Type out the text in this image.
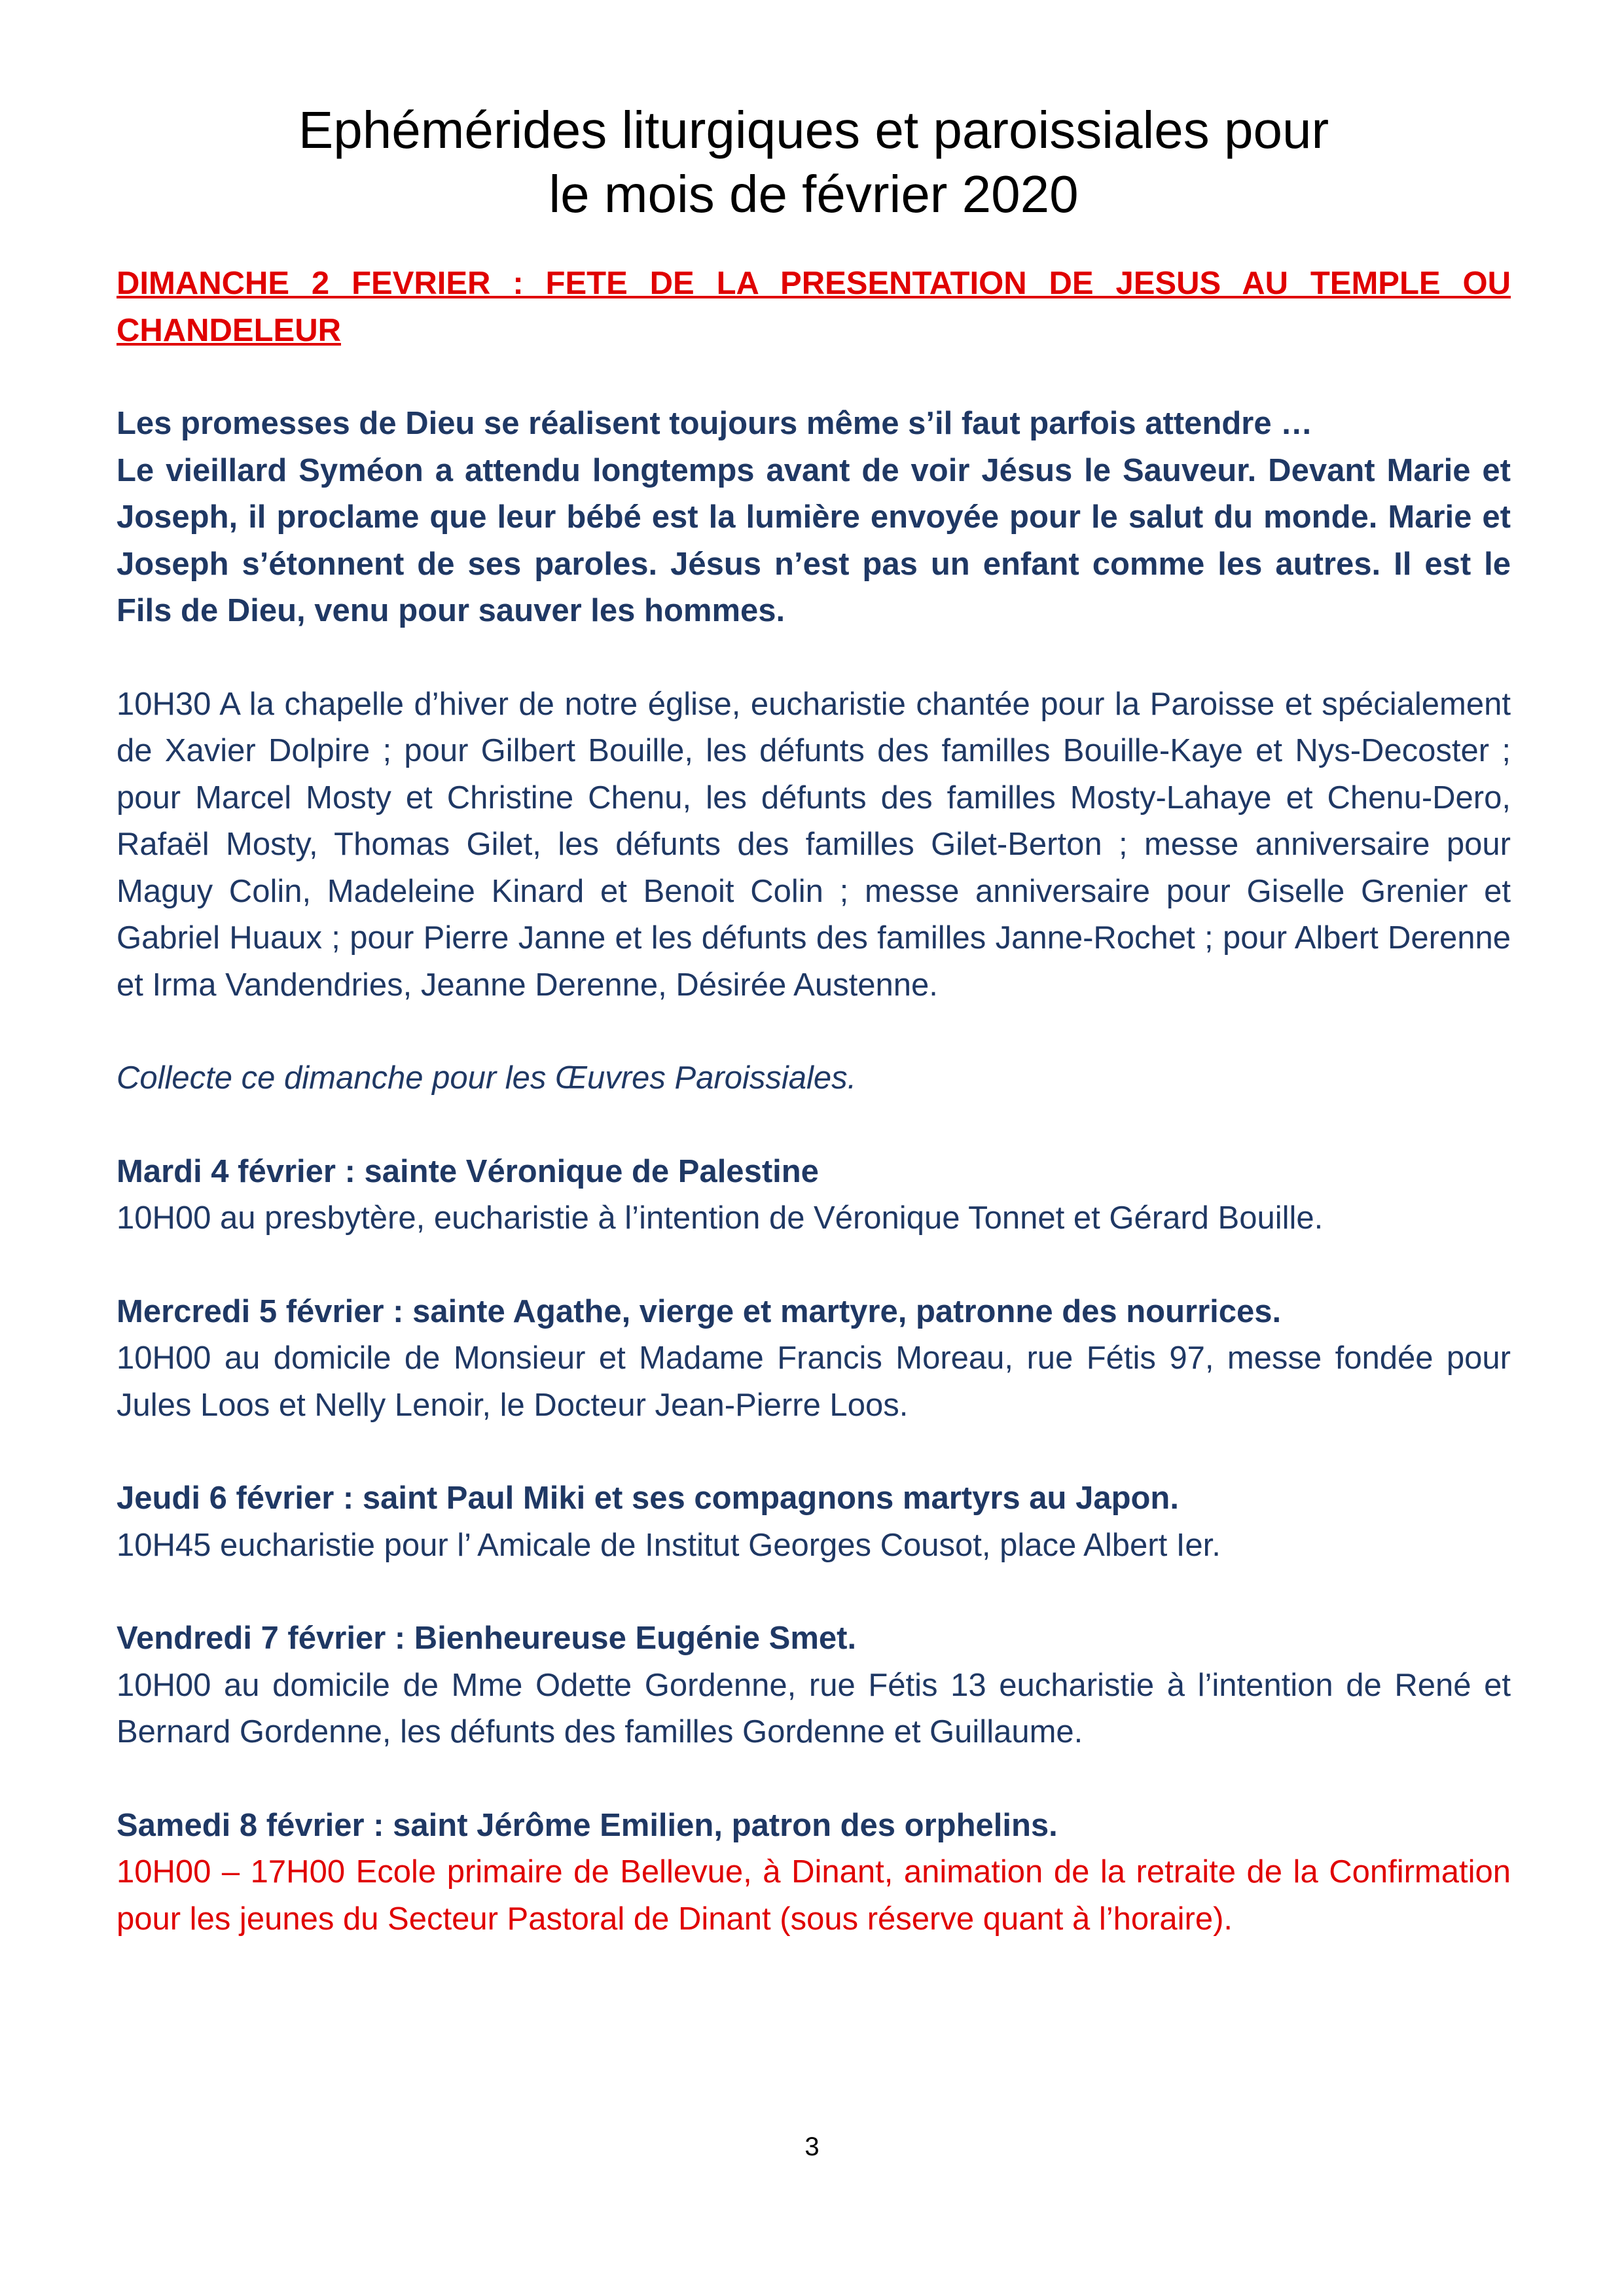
Ephémérides liturgiques et paroissiales pour
le mois de février 2020

DIMANCHE 2 FEVRIER : FETE DE LA PRESENTATION DE JESUS AU TEMPLE OU CHANDELEUR

Les promesses de Dieu se réalisent toujours même s’il faut parfois attendre …
Le vieillard Syméon a attendu longtemps avant de voir Jésus le Sauveur. Devant Marie et Joseph, il proclame que leur bébé est la lumière envoyée pour le salut du monde. Marie et Joseph s’étonnent de ses paroles. Jésus n’est pas un enfant comme les autres. Il est le Fils de Dieu, venu pour sauver les hommes.

10H30 A la chapelle d’hiver de notre église, eucharistie chantée pour la Paroisse et spécialement de Xavier Dolpire ; pour Gilbert Bouille, les défunts des familles Bouille-Kaye et Nys-Decoster ; pour Marcel Mosty et Christine Chenu, les défunts des familles Mosty-Lahaye et Chenu-Dero, Rafaël Mosty, Thomas Gilet, les défunts des familles Gilet-Berton ; messe anniversaire pour Maguy Colin, Madeleine Kinard et Benoit Colin ; messe anniversaire pour Giselle Grenier et Gabriel Huaux ; pour Pierre Janne et les défunts des familles Janne-Rochet ; pour Albert Derenne et Irma Vandendries, Jeanne Derenne, Désirée Austenne.

Collecte ce dimanche pour les Œuvres Paroissiales.

Mardi 4 février : sainte Véronique de Palestine

10H00 au presbytère, eucharistie à l’intention de Véronique Tonnet et Gérard Bouille.

Mercredi 5 février : sainte Agathe, vierge et martyre, patronne des nourrices.

10H00 au domicile de Monsieur et Madame Francis Moreau, rue Fétis 97, messe fondée pour Jules Loos et Nelly Lenoir, le Docteur Jean-Pierre Loos.

Jeudi 6 février : saint Paul Miki et ses compagnons martyrs au Japon.

10H45 eucharistie pour l’ Amicale de Institut Georges Cousot, place Albert Ier.

Vendredi 7 février : Bienheureuse Eugénie Smet.

10H00 au domicile de Mme Odette Gordenne, rue Fétis 13 eucharistie à l’intention de René et Bernard Gordenne, les défunts des familles Gordenne et Guillaume.

Samedi 8 février : saint Jérôme Emilien, patron des orphelins.

10H00 – 17H00 Ecole primaire de Bellevue, à Dinant, animation de la retraite de la Confirmation pour les jeunes du Secteur Pastoral de Dinant (sous réserve quant à l’horaire).

3
